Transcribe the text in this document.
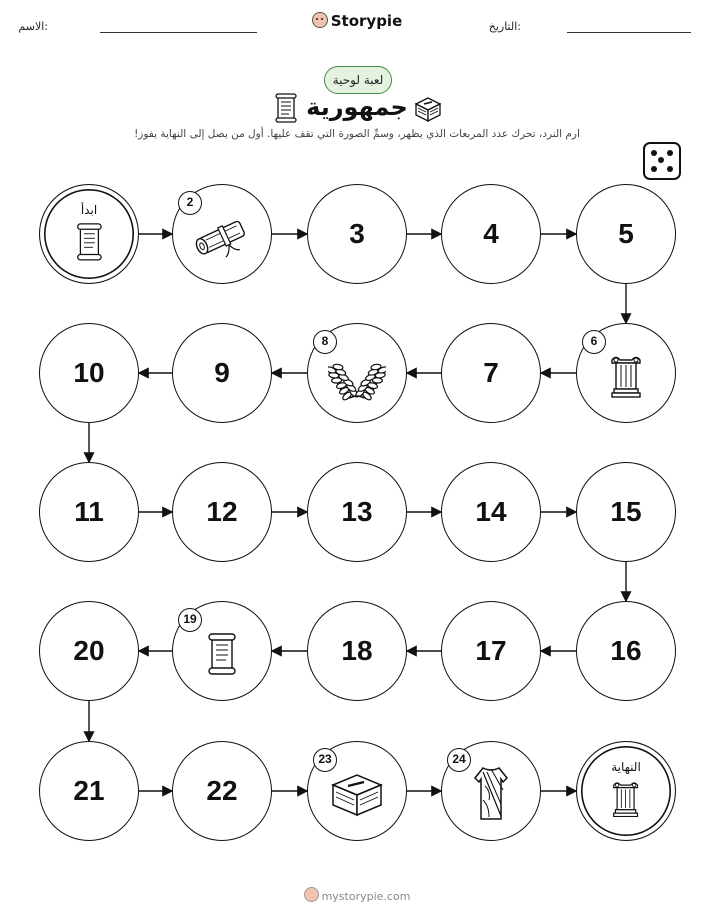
الاسم:	Storypie	التاريخ:
لعبة لوحية
جمهورية
ارم النرد، تحرك عدد المربعات الذي يظهر، وسمِّ الصورة التي تقف عليها. أول من يصل إلى النهاية يفوز!
ابدأ
2
3	4	5
6
7
8
9
10
11	12	13	14	15
16
17
18
19
20
21	22
23	24
النهاية
mystorypie.com
